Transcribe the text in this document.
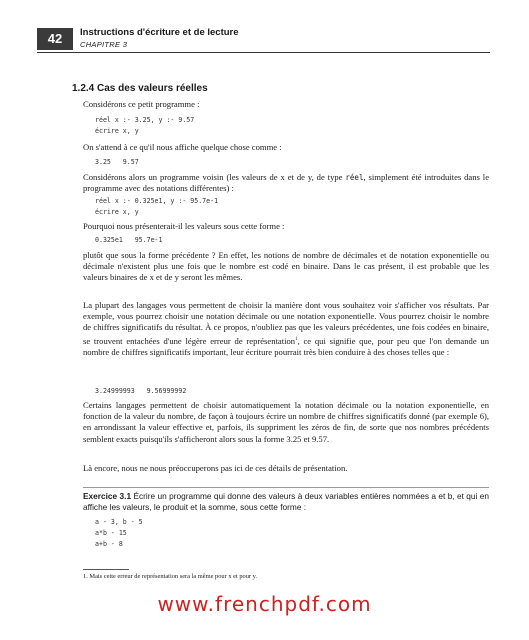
42	Instructions d'écriture et de lecture
CHAPITRE 3
1.2.4 Cas des valeurs réelles
Considérons ce petit programme :
réel x :- 3.25, y :- 9.57
écrire x, y
On s'attend à ce qu'il nous affiche quelque chose comme :
3.25   9.57
Considérons alors un programme voisin (les valeurs de x et de y, de type réel, simplement été introduites dans le programme avec des notations différentes) :
réel x :- 0.325e1, y :- 95.7e-1
écrire x, y
Pourquoi nous présenterait-il les valeurs sous cette forme :
0.325e1   95.7e-1
plutôt que sous la forme précédente ? En effet, les notions de nombre de décimales et de notation exponentielle ou décimale n'existent plus une fois que le nombre est codé en binaire. Dans le cas présent, il est probable que les valeurs binaires de x et de y seront les mêmes.
La plupart des langages vous permettent de choisir la manière dont vous souhaitez voir s'afficher vos résultats. Par exemple, vous pourrez choisir une notation décimale ou une notation exponentielle. Vous pourrez choisir le nombre de chiffres significatifs du résultat. À ce propos, n'oubliez pas que les valeurs précédentes, une fois codées en binaire, se trouvent entachées d'une légère erreur de représentation$^1$, ce qui signifie que, pour peu que l'on demande un nombre de chiffres significatifs important, leur écriture pourrait très bien conduire à des choses telles que :
3.24999993   9.56999992
Certains langages permettent de choisir automatiquement la notation décimale ou la notation exponentielle, en fonction de la valeur du nombre, de façon à toujours écrire un nombre de chiffres significatifs donné (par exemple 6), en arrondissant la valeur effective et, parfois, ils suppriment les zéros de fin, de sorte que nos nombres précédents semblent exacts puisqu'ils s'afficheront alors sous la forme 3.25 et 9.57.
Là encore, nous ne nous préoccuperons pas ici de ces détails de présentation.
Exercice 3.1 Écrire un programme qui donne des valeurs à deux variables entières nommées a et b, et qui en affiche les valeurs, le produit et la somme, sous cette forme :
a - 3, b - 5
a*b - 15
a+b - 8
1. Mais cette erreur de représentation sera la même pour x et pour y.
www.frenchpdf.com
